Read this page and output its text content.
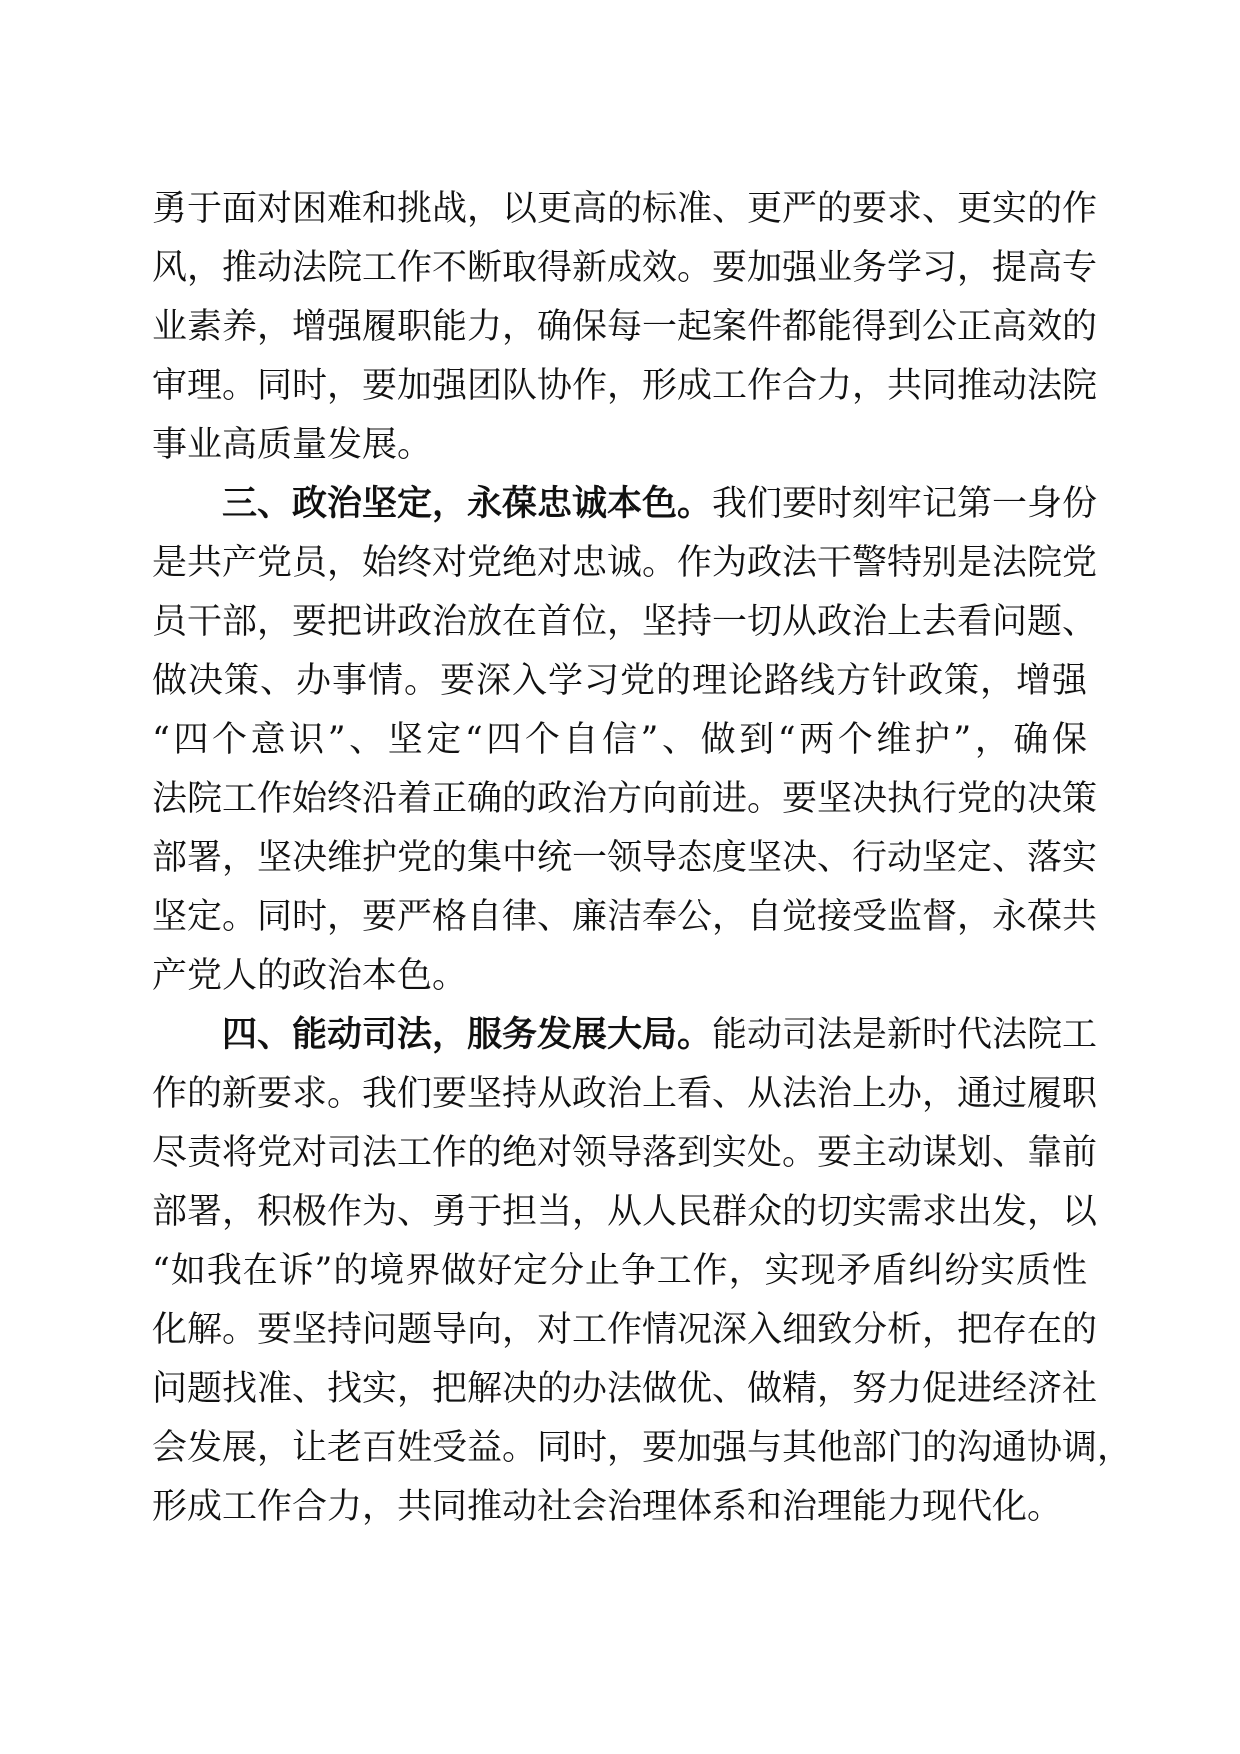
勇于面对困难和挑战，以更高的标准、更严的要求、更实的作
风，推动法院工作不断取得新成效。要加强业务学习，提高专
业素养，增强履职能力，确保每一起案件都能得到公正高效的
审理。同时，要加强团队协作，形成工作合力，共同推动法院
事业高质量发展。
三、政治坚定，永葆忠诚本色。我们要时刻牢记第一身份
是共产党员，始终对党绝对忠诚。作为政法干警特别是法院党
员干部，要把讲政治放在首位，坚持一切从政治上去看问题、
做决策、办事情。要深入学习党的理论路线方针政策，增强
“四个意识”、坚定“四个自信”、做到“两个维护”，确保
法院工作始终沿着正确的政治方向前进。要坚决执行党的决策
部署，坚决维护党的集中统一领导态度坚决、行动坚定、落实
坚定。同时，要严格自律、廉洁奉公，自觉接受监督，永葆共
产党人的政治本色。
四、能动司法，服务发展大局。能动司法是新时代法院工
作的新要求。我们要坚持从政治上看、从法治上办，通过履职
尽责将党对司法工作的绝对领导落到实处。要主动谋划、靠前
部署，积极作为、勇于担当，从人民群众的切实需求出发，以
“如我在诉”的境界做好定分止争工作，实现矛盾纠纷实质性
化解。要坚持问题导向，对工作情况深入细致分析，把存在的
问题找准、找实，把解决的办法做优、做精，努力促进经济社
会发展，让老百姓受益。同时，要加强与其他部门的沟通协调，
形成工作合力，共同推动社会治理体系和治理能力现代化。
